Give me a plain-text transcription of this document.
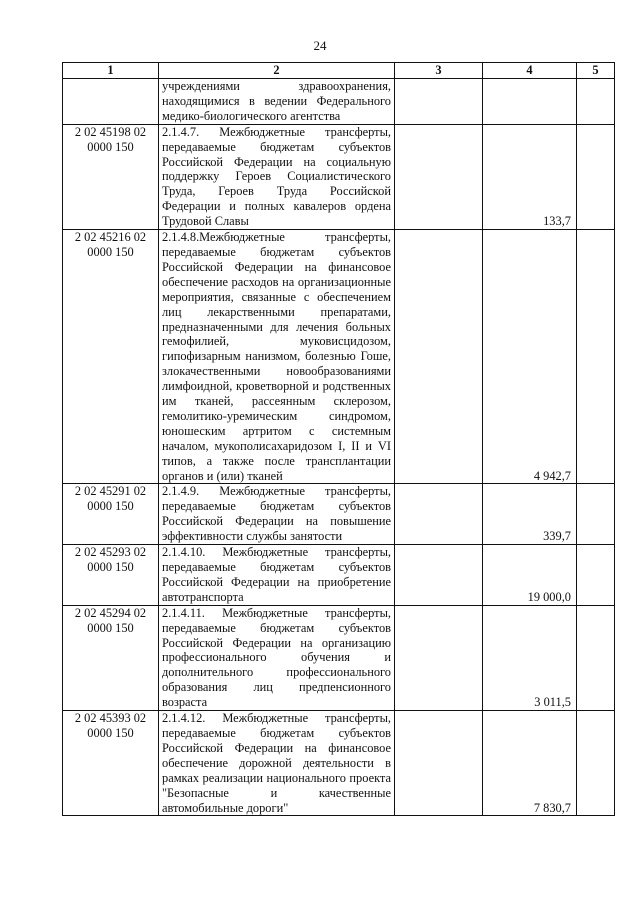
24
1	2	3	4	5
	учреждениями здравоохранения, находящимися в ведении Федерального медико-биологического агентства			
2 02 45198 02 0000 150	2.1.4.7. Межбюджетные трансферты, передаваемые бюджетам субъектов Российской Федерации на социальную поддержку Героев Социалистического Труда, Героев Труда Российской Федерации и полных кавалеров ордена Трудовой Славы		133,7	
2 02 45216 02 0000 150	2.1.4.8.Межбюджетные трансферты, передаваемые бюджетам субъектов Российской Федерации на финансовое обеспечение расходов на организационные мероприятия, связанные с обеспечением лиц лекарственными препаратами, предназначенными для лечения больных гемофилией, муковисцидозом, гипофизарным нанизмом, болезнью Гоше, злокачественными новообразованиями лимфоидной, кроветворной и родственных им тканей, рассеянным склерозом, гемолитико-уремическим синдромом, юношеским артритом с системным началом, мукополисахаридозом I, II и VI типов, а также после трансплантации органов и (или) тканей		4 942,7	
2 02 45291 02 0000 150	2.1.4.9. Межбюджетные трансферты, передаваемые бюджетам субъектов Российской Федерации на повышение эффективности службы занятости		339,7	
2 02 45293 02 0000 150	2.1.4.10. Межбюджетные трансферты, передаваемые бюджетам субъектов Российской Федерации на приобретение автотранспорта		19 000,0	
2 02 45294 02 0000 150	2.1.4.11. Межбюджетные трансферты, передаваемые бюджетам субъектов Российской Федерации на организацию профессионального обучения и дополнительного профессионального образования лиц предпенсионного возраста		3 011,5	
2 02 45393 02 0000 150	2.1.4.12. Межбюджетные трансферты, передаваемые бюджетам субъектов Российской Федерации на финансовое обеспечение дорожной деятельности в рамках реализации национального проекта "Безопасные и качественные автомобильные дороги"		7 830,7	
